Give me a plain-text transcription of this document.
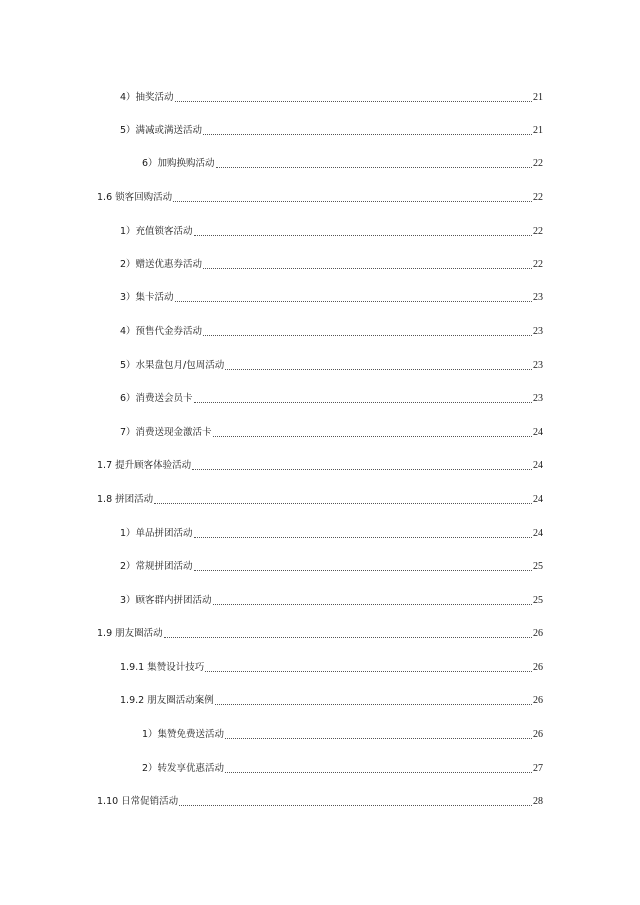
4）抽奖活动	21
5）满减或满送活动	21
6）加购换购活动	22
1.6 锁客回购活动	22
1）充值锁客活动	22
2）赠送优惠券活动	22
3）集卡活动	23
4）预售代金券活动	23
5）水果盘包月/包周活动	23
6）消费送会员卡	23
7）消费送现金激活卡	24
1.7 提升顾客体验活动	24
1.8 拼团活动	24
1）单品拼团活动	24
2）常规拼团活动	25
3）顾客群内拼团活动	25
1.9 朋友圈活动	26
1.9.1 集赞设计技巧	26
1.9.2 朋友圈活动案例	26
1）集赞免费送活动	26
2）转发享优惠活动	27
1.10 日常促销活动	28
